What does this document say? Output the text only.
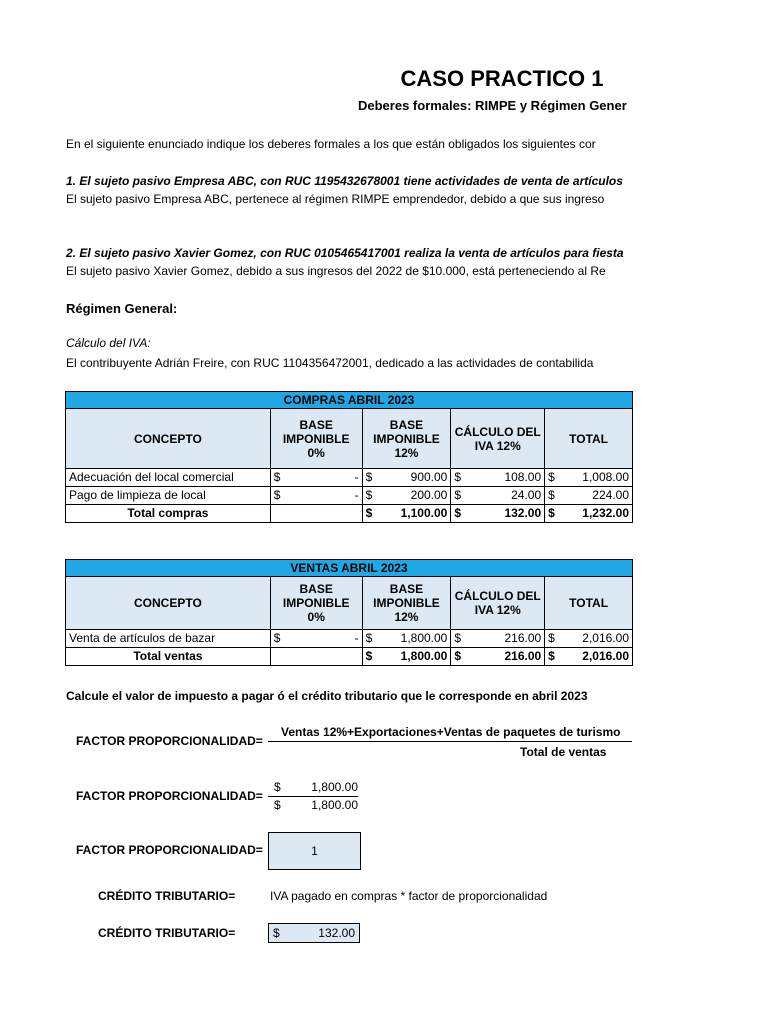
CASO PRACTICO 1
Deberes formales: RIMPE y Régimen Gener
En el siguiente enunciado indique los deberes formales a los que están obligados los siguientes cor
1. El sujeto pasivo Empresa ABC, con RUC 1195432678001 tiene actividades de venta de artículos
El sujeto pasivo Empresa ABC, pertenece al régimen RIMPE emprendedor, debido a que sus ingreso
2. El sujeto pasivo Xavier Gomez, con RUC 0105465417001 realiza la venta de artículos para fiesta
El sujeto pasivo Xavier Gomez, debido a sus ingresos del 2022 de $10.000, está perteneciendo al Re
Régimen General:
Cálculo del IVA:
El contribuyente Adrián Freire, con RUC 1104356472001, dedicado a las actividades de contabilida
COMPRAS ABRIL 2023				
CONCEPTO	BASE IMPONIBLE 0%	BASE IMPONIBLE 12%	CÁLCULO DEL IVA 12%	TOTAL
Adecuación del local comercial	$ -	$ 900.00	$ 108.00	$ 1,008.00

Pago de limpieza de local	$ -	$ 200.00	$ 24.00	$ 224.00

Total compras		$ 1,100.00	$ 132.00	$ 1,232.00
VENTAS ABRIL 2023				
CONCEPTO	BASE IMPONIBLE 0%	BASE IMPONIBLE 12%	CÁLCULO DEL IVA 12%	TOTAL
Venta de artículos de bazar	$ -	$ 1,800.00	$ 216.00	$ 2,016.00

Total ventas		$ 1,800.00	$ 216.00	$ 2,016.00
Calcule el valor de impuesto a pagar ó el crédito tributario que le corresponde en abril 2023
FACTOR PROPORCIONALIDAD=
Ventas 12%+Exportaciones+Ventas de paquetes de turismo
Total de ventas
FACTOR PROPORCIONALIDAD=
$	1,800.00
$	1,800.00
FACTOR PROPORCIONALIDAD=	1
CRÉDITO TRIBUTARIO=	IVA pagado en compras * factor de proporcionalidad
CRÉDITO TRIBUTARIO=	$	132.00
